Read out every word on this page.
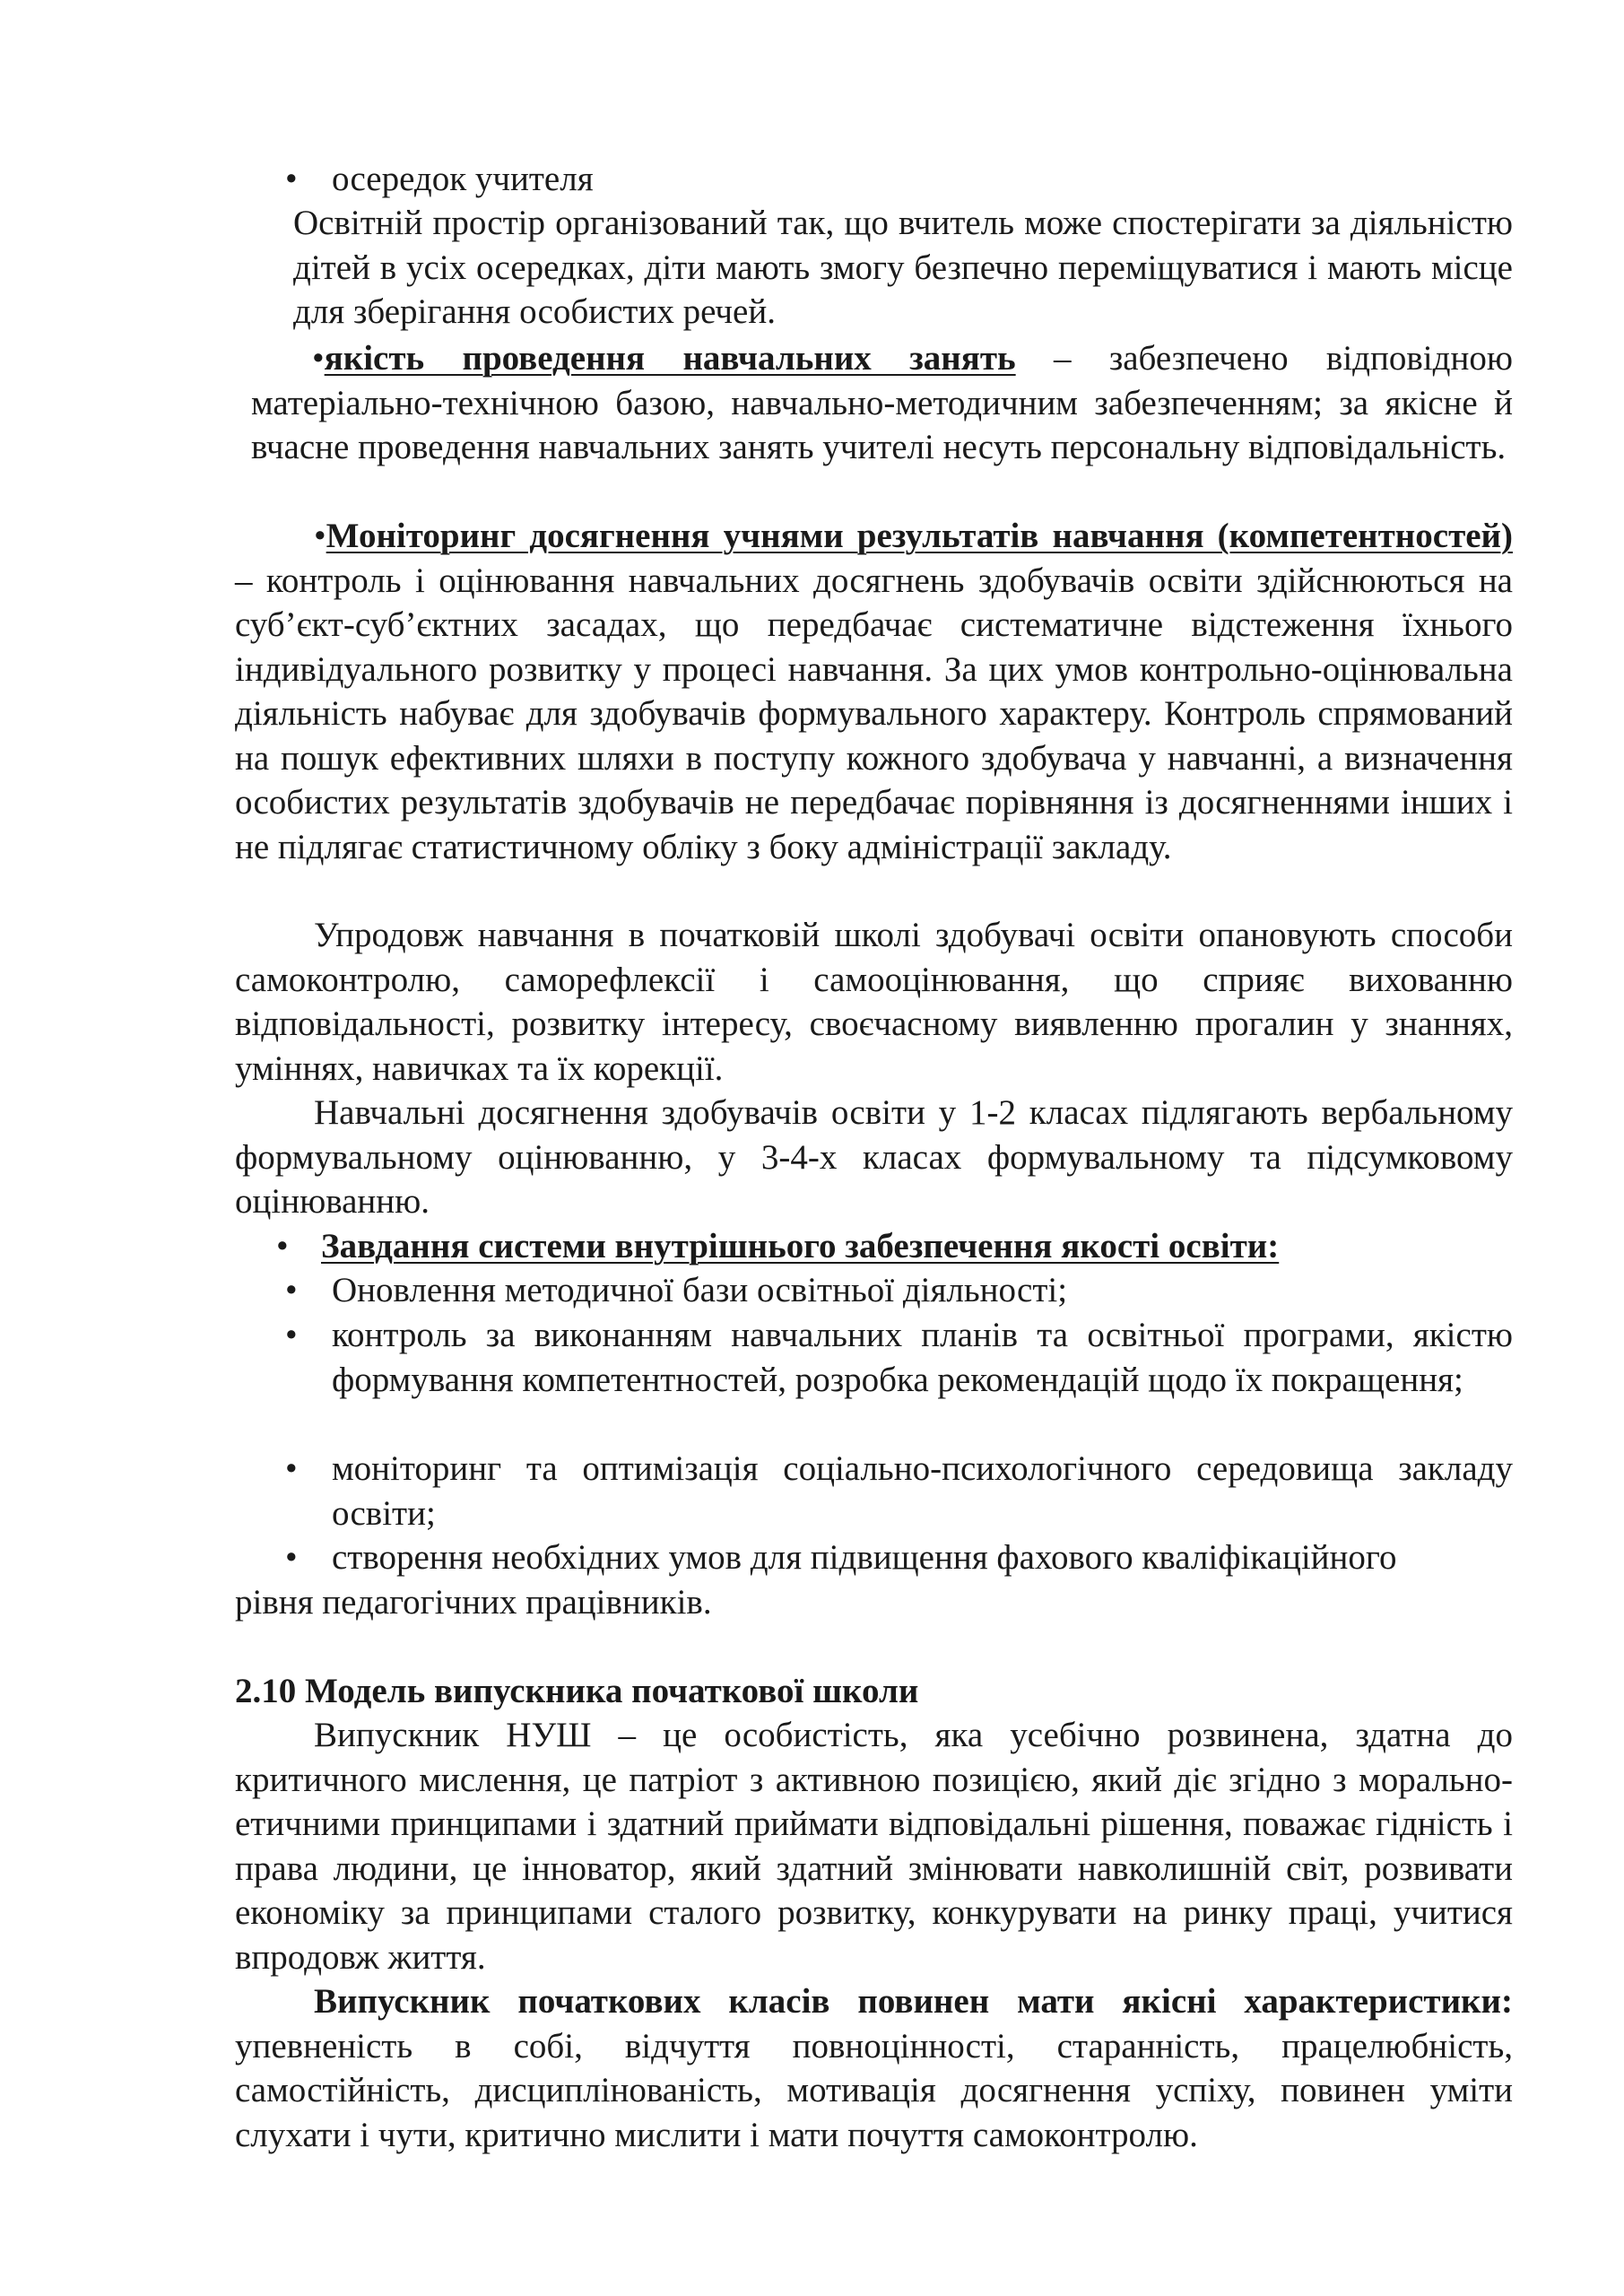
• осередок учителя
Освітній простір організований так, що вчитель може спостерігати за діяльністю дітей в усіх осередках, діти мають змогу безпечно переміщуватися і мають місце для зберігання особистих речей.
•якість проведення навчальних занять – забезпечено відповідною матеріально-технічною базою, навчально-методичним забезпеченням; за якісне й вчасне проведення навчальних занять учителі несуть персональну відповідальність.
•Моніторинг досягнення учнями результатів навчання (компетентностей) – контроль і оцінювання навчальних досягнень здобувачів освіти здійснюються на суб’єкт-суб’єктних засадах, що передбачає систематичне відстеження їхнього індивідуального розвитку у процесі навчання. За цих умов контрольно-оцінювальна діяльність набуває для здобувачів формувального характеру. Контроль спрямований на пошук ефективних шляхи в поступу кожного здобувача у навчанні, а визначення особистих результатів здобувачів не передбачає порівняння із досягненнями інших і не підлягає статистичному обліку з боку адміністрації закладу.
Упродовж навчання в початковій школі здобувачі освіти опановують способи самоконтролю, саморефлексії і самооцінювання, що сприяє вихованню відповідальності, розвитку інтересу, своєчасному виявленню прогалин у знаннях, уміннях, навичках та їх корекції.
Навчальні досягнення здобувачів освіти у 1-2 класах підлягають вербальному формувальному оцінюванню, у 3-4-х класах формувальному та підсумковому оцінюванню.
• Завдання системи внутрішнього забезпечення якості освіти:
• Оновлення методичної бази освітньої діяльності;
• контроль за виконанням навчальних планів та освітньої програми, якістю формування компетентностей, розробка рекомендацій щодо їх покращення;
• моніторинг та оптимізація соціально-психологічного середовища закладу освіти;
• створення необхідних умов для підвищення фахового кваліфікаційного
рівня педагогічних працівників.
2.10 Модель випускника початкової школи
Випускник НУШ – це особистість, яка усебічно розвинена, здатна до критичного мислення, це патріот з активною позицією, який діє згідно з морально-етичними принципами і здатний приймати відповідальні рішення, поважає гідність і права людини, це інноватор, який здатний змінювати навколишній світ, розвивати економіку за принципами сталого розвитку, конкурувати на ринку праці, учитися впродовж життя.
Випускник початкових класів повинен мати якісні характеристики: упевненість в собі, відчуття повноцінності, старанність, працелюбність, самостійність, дисциплінованість, мотивація досягнення успіху, повинен уміти слухати і чути, критично мислити і мати почуття самоконтролю.
